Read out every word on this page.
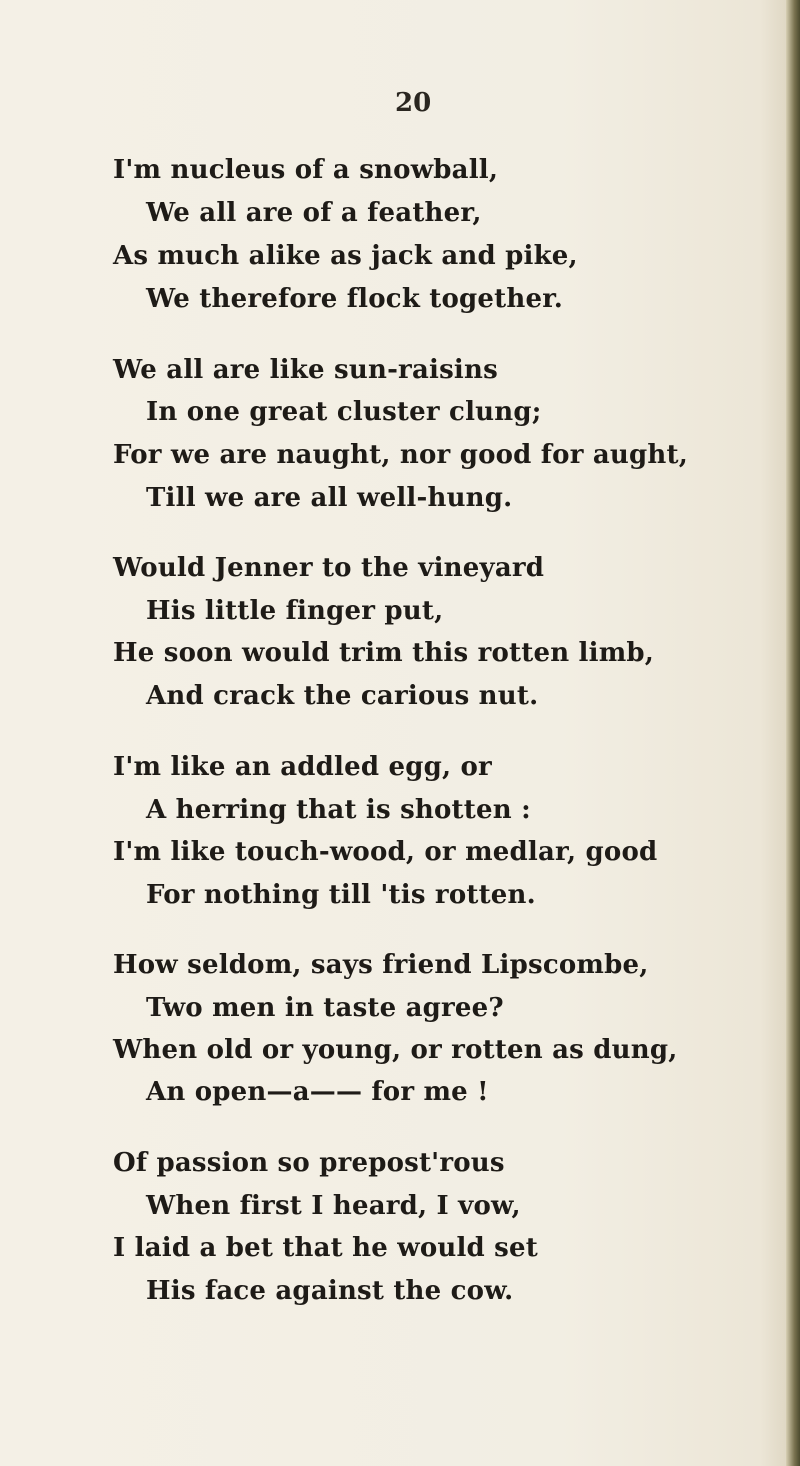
20
I'm nucleus of a snowball,
We all are of a feather,
As much alike as jack and pike,
We therefore flock together.
We all are like sun-raisins
In one great cluster clung;
For we are naught, nor good for aught,
Till we are all well-hung.
Would Jenner to the vineyard
His little finger put,
He soon would trim this rotten limb,
And crack the carious nut.
I'm like an addled egg, or
A herring that is shotten :
I'm like touch-wood, or medlar, good
For nothing till 'tis rotten.
How seldom, says friend Lipscombe,
Two men in taste agree?
When old or young, or rotten as dung,
An open—a—— for me !
Of passion so prepost'rous
When first I heard, I vow,
I laid a bet that he would set
His face against the cow.
